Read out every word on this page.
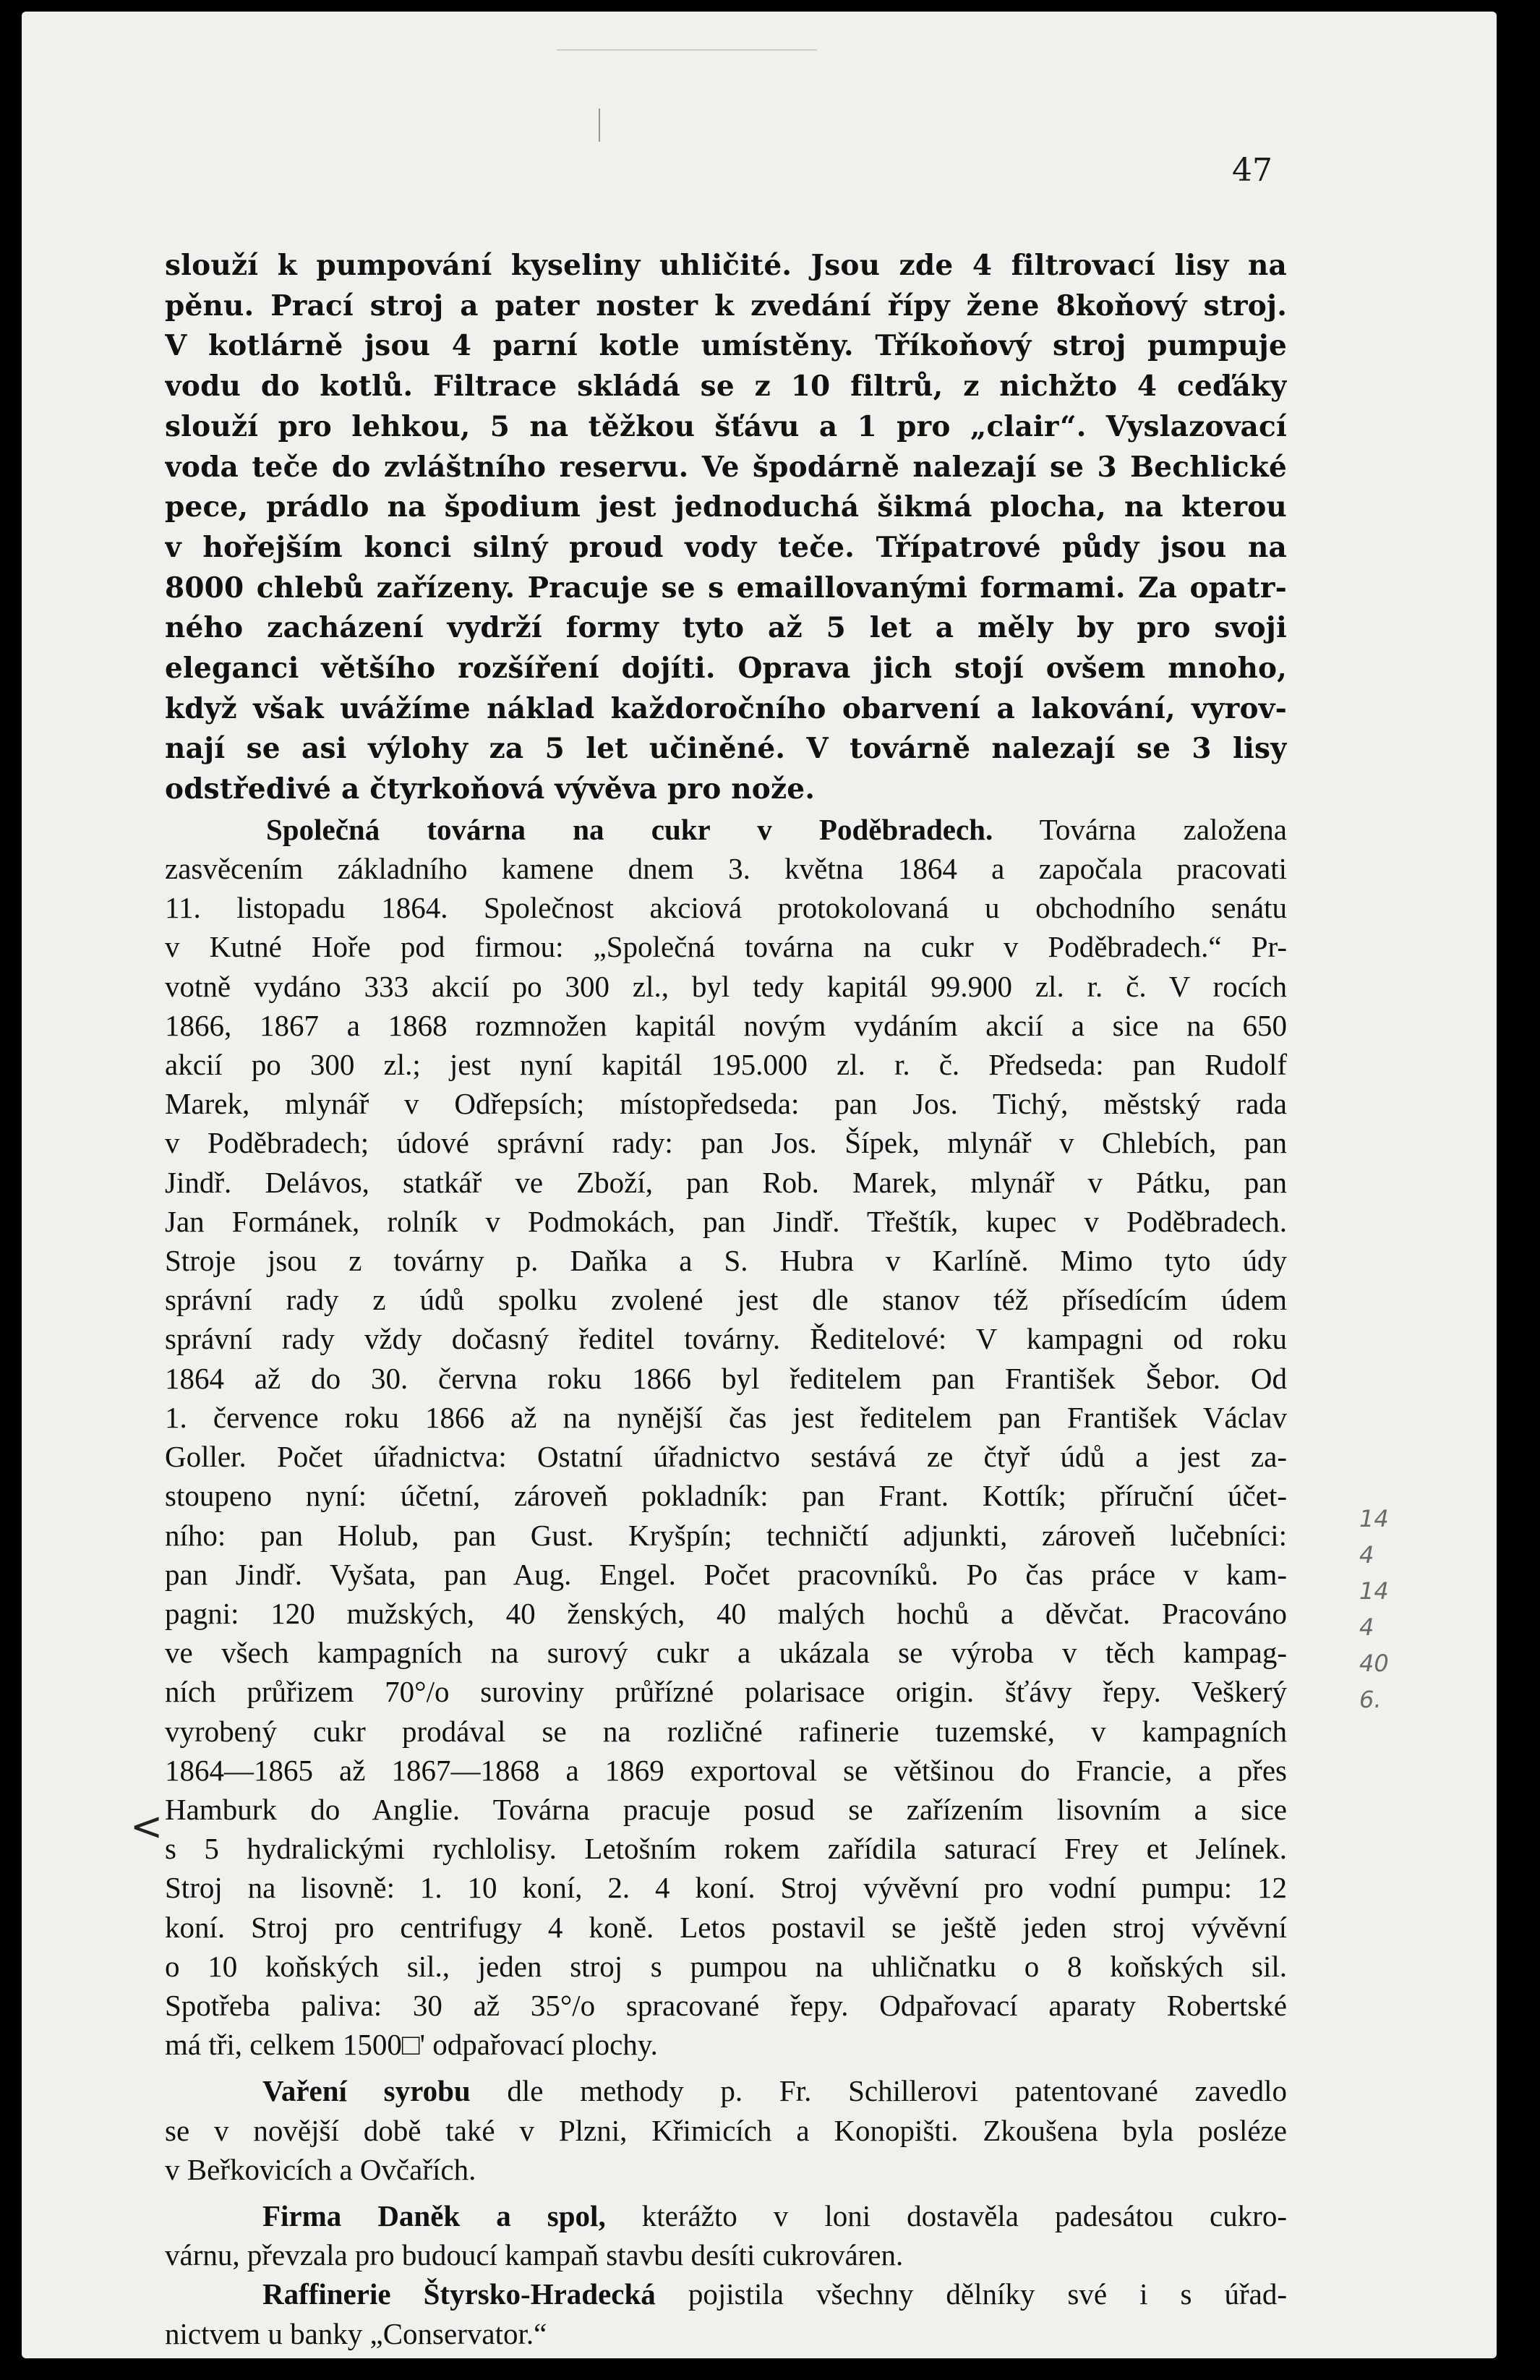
47
slouží k pumpování kyseliny uhličité. Jsou zde 4 filtrovací lisy na
pěnu. Prací stroj a pater noster k zvedání řípy žene 8koňový stroj.
V kotlárně jsou 4 parní kotle umístěny. Tříkoňový stroj pumpuje
vodu do kotlů. Filtrace skládá se z 10 filtrů, z nichžto 4 ceďáky
slouží pro lehkou, 5 na těžkou šťávu a 1 pro „clair“. Vyslazovací
voda teče do zvláštního reservu. Ve špodárně nalezají se 3 Bechlické
pece, prádlo na špodium jest jednoduchá šikmá plocha, na kterou
v hořejším konci silný proud vody teče. Třípatrové půdy jsou na
8000 chlebů zařízeny. Pracuje se s emaillovanými formami. Za opatr-
ného zacházení vydrží formy tyto až 5 let a měly by pro svoji
eleganci většího rozšíření dojíti. Oprava jich stojí ovšem mnoho,
když však uvážíme náklad každoročního obarvení a lakování, vyrov-
nají se asi výlohy za 5 let učiněné. V továrně nalezají se 3 lisy
odstředivé a čtyrkoňová vývěva pro nože.
Společná továrna na cukr v Poděbradech. Továrna založena
zasvěcením základního kamene dnem 3. května 1864 a započala pracovati
11. listopadu 1864. Společnost akciová protokolovaná u obchodního senátu
v Kutné Hoře pod firmou: „Společná továrna na cukr v Poděbradech.“ Pr-
votně vydáno 333 akcií po 300 zl., byl tedy kapitál 99.900 zl. r. č. V rocích
1866, 1867 a 1868 rozmnožen kapitál novým vydáním akcií a sice na 650
akcií po 300 zl.; jest nyní kapitál 195.000 zl. r. č. Předseda: pan Rudolf
Marek, mlynář v Odřepsích; místopředseda: pan Jos. Tichý, městský rada
v Poděbradech; údové správní rady: pan Jos. Šípek, mlynář v Chlebích, pan
Jindř. Delávos, statkář ve Zboží, pan Rob. Marek, mlynář v Pátku, pan
Jan Formánek, rolník v Podmokách, pan Jindř. Třeštík, kupec v Poděbradech.
Stroje jsou z továrny p. Daňka a S. Hubra v Karlíně. Mimo tyto údy
správní rady z údů spolku zvolené jest dle stanov též přísedícím údem
správní rady vždy dočasný ředitel továrny. Ředitelové: V kampagni od roku
1864 až do 30. června roku 1866 byl ředitelem pan František Šebor. Od
1. července roku 1866 až na nynější čas jest ředitelem pan František Václav
Goller. Počet úřadnictva: Ostatní úřadnictvo sestává ze čtyř údů a jest za-
stoupeno nyní: účetní, zároveň pokladník: pan Frant. Kottík; příruční účet-
ního: pan Holub, pan Gust. Kryšpín; techničtí adjunkti, zároveň lučebníci:
pan Jindř. Vyšata, pan Aug. Engel. Počet pracovníků. Po čas práce v kam-
pagni: 120 mužských, 40 ženských, 40 malých hochů a děvčat. Pracováno
ve všech kampagních na surový cukr a ukázala se výroba v těch kampag-
ních průřizem 70°/o suroviny průřízné polarisace origin. šťávy řepy. Veškerý
vyrobený cukr prodával se na rozličné rafinerie tuzemské, v kampagních
1864—1865 až 1867—1868 a 1869 exportoval se většinou do Francie, a přes
Hamburk do Anglie. Továrna pracuje posud se zařízením lisovním a sice
s 5 hydralickými rychlolisy. Letošním rokem zařídila saturací Frey et Jelínek.
Stroj na lisovně: 1. 10 koní, 2. 4 koní. Stroj vývěvní pro vodní pumpu: 12
koní. Stroj pro centrifugy 4 koně. Letos postavil se ještě jeden stroj vývěvní
o 10 koňských sil., jeden stroj s pumpou na uhličnatku o 8 koňských sil.
Spotřeba paliva: 30 až 35°/o spracované řepy. Odpařovací aparaty Robertské
má tři, celkem 1500□' odpařovací plochy.
Vaření syrobu dle methody p. Fr. Schillerovi patentované zavedlo
se v novější době také v Plzni, Křimicích a Konopišti. Zkoušena byla posléze
v Beřkovicích a Ovčařích.
Firma Daněk a spol, kterážto v loni dostavěla padesátou cukro-
várnu, převzala pro budoucí kampaň stavbu desíti cukrováren.
Raffinerie Štyrsko-Hradecká pojistila všechny dělníky své i s úřad-
nictvem u banky „Conservator.“
14
4
14
4
40
6.
<
